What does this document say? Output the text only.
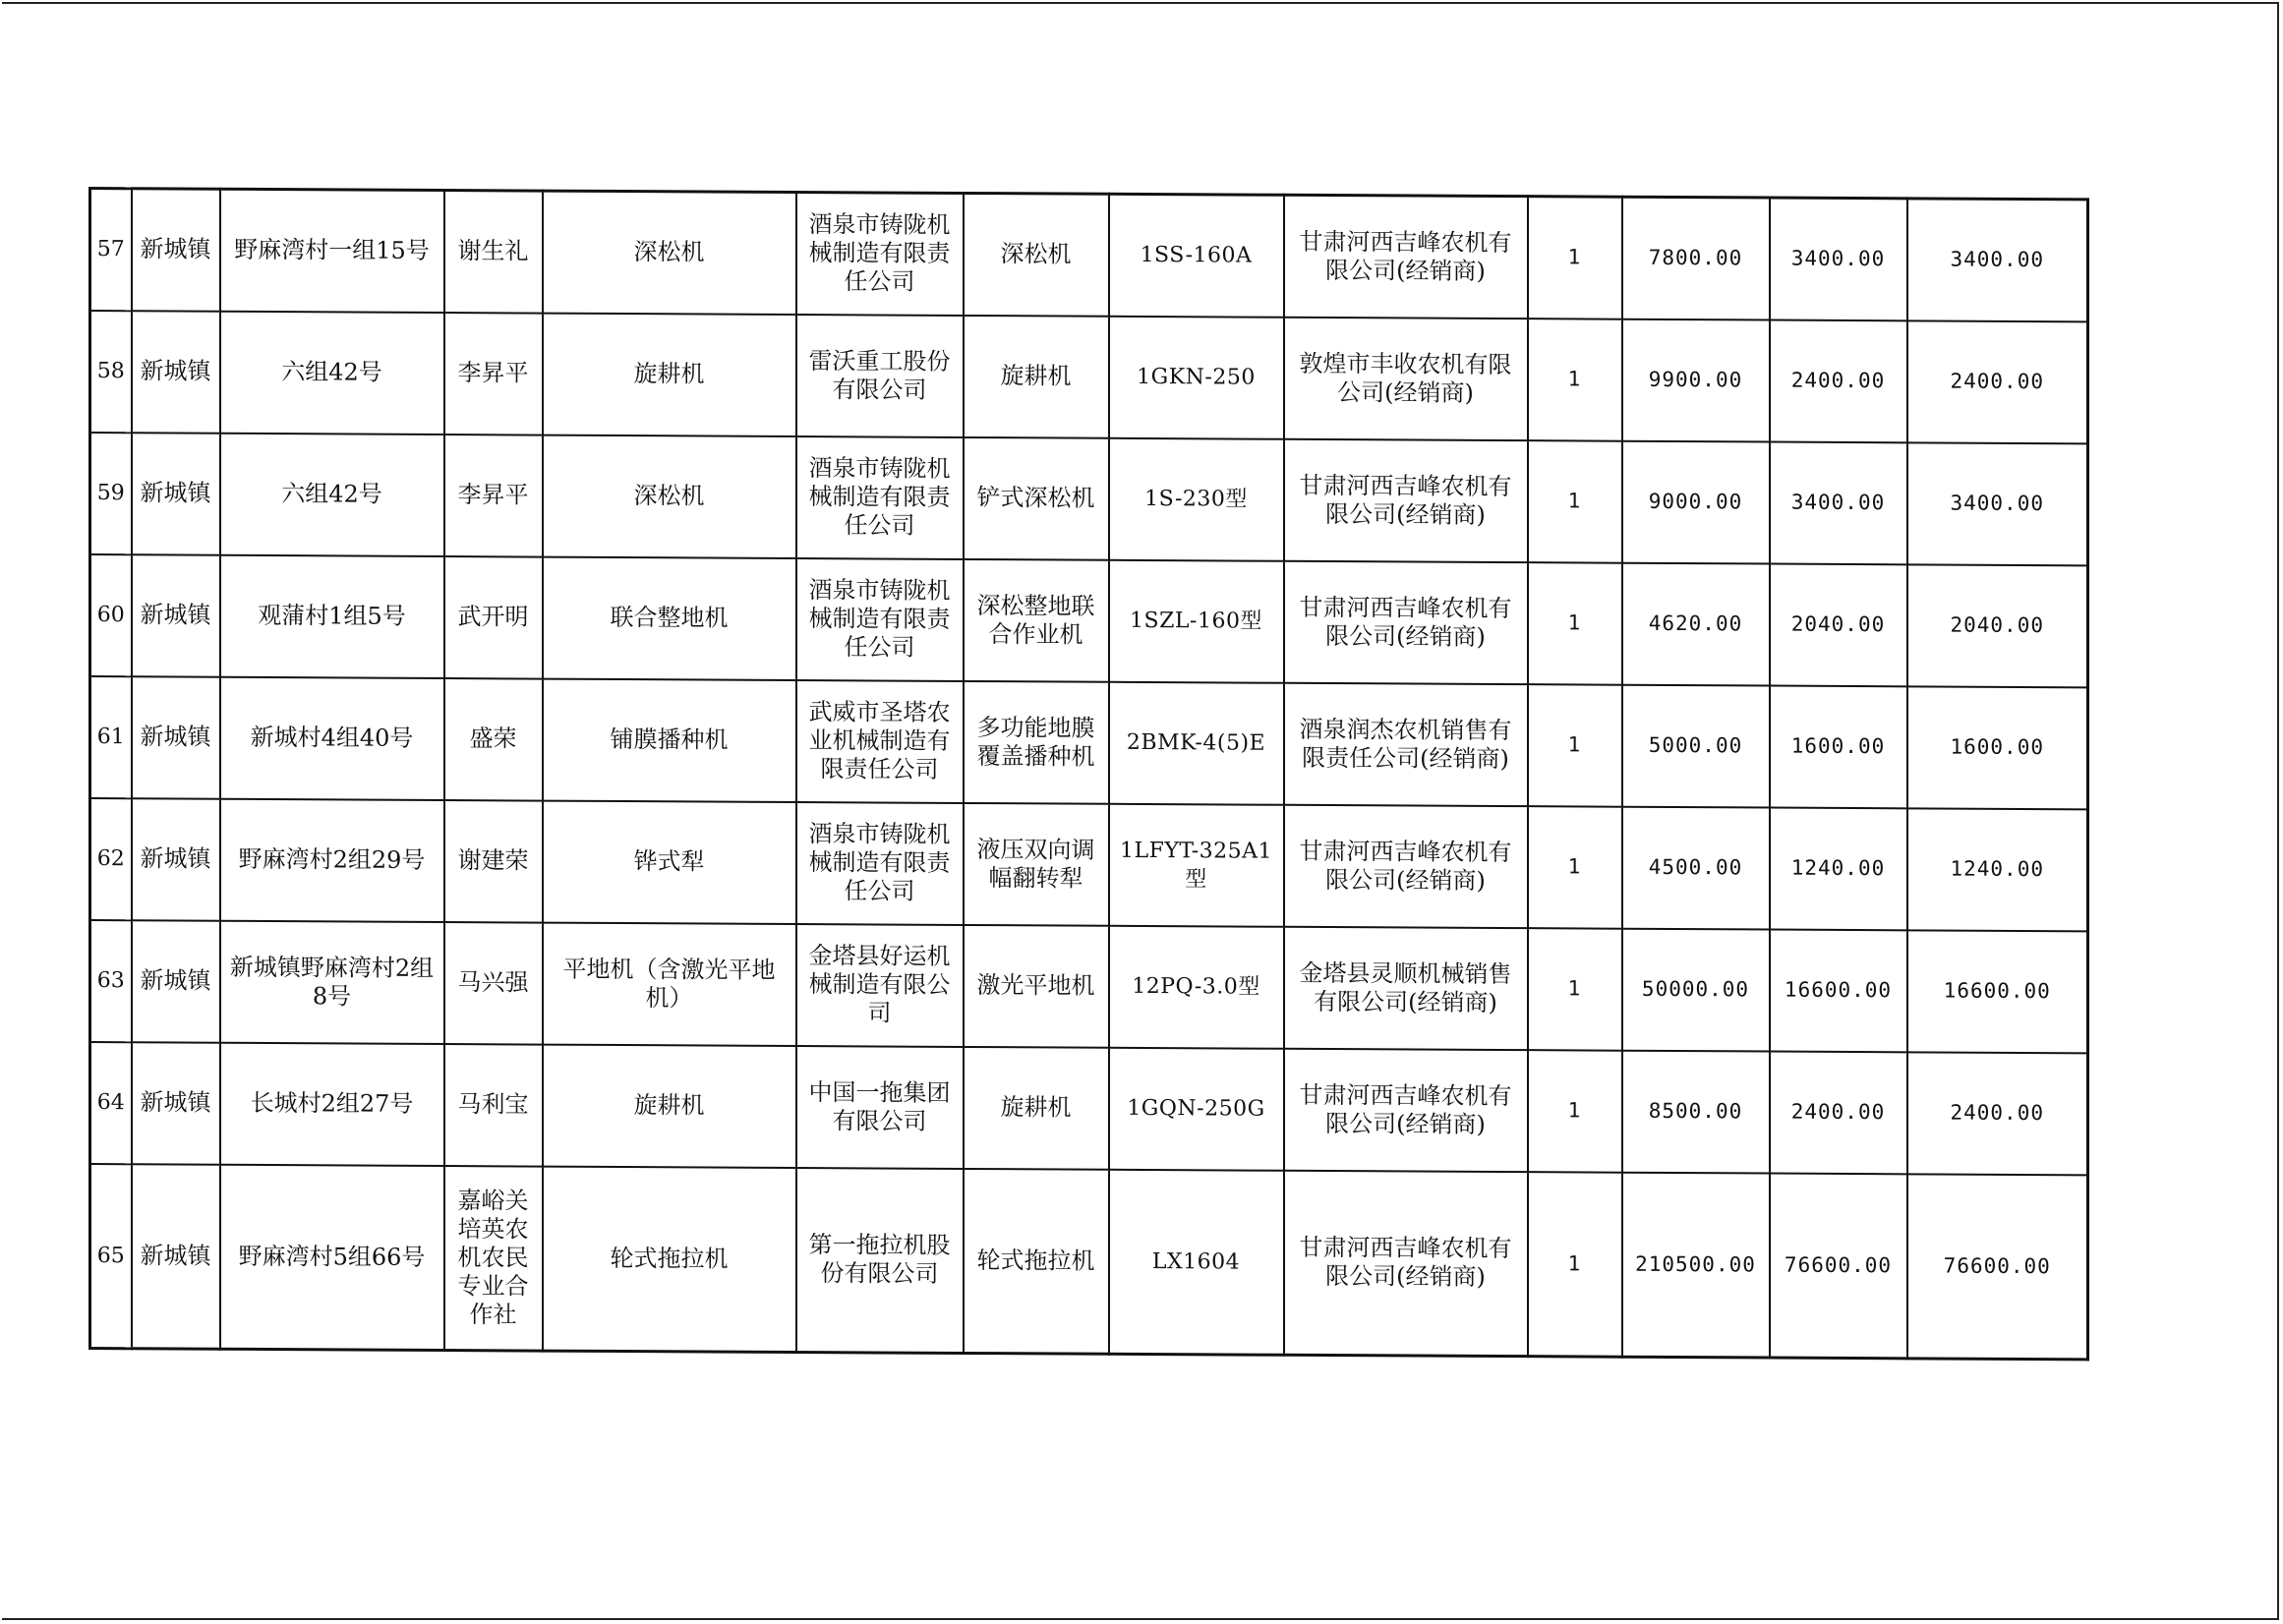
57	新城镇	野麻湾村一组15号	谢生礼	深松机	酒泉市铸陇机械制造有限责任公司	深松机	1SS-160A	甘肃河西吉峰农机有限公司(经销商)	1	7800.00	3400.00	3400.00
58	新城镇	六组42号	李昇平	旋耕机	雷沃重工股份有限公司	旋耕机	1GKN-250	敦煌市丰收农机有限公司(经销商)	1	9900.00	2400.00	2400.00
59	新城镇	六组42号	李昇平	深松机	酒泉市铸陇机械制造有限责任公司	铲式深松机	1S-230型	甘肃河西吉峰农机有限公司(经销商)	1	9000.00	3400.00	3400.00
60	新城镇	观蒲村1组5号	武开明	联合整地机	酒泉市铸陇机械制造有限责任公司	深松整地联合作业机	1SZL-160型	甘肃河西吉峰农机有限公司(经销商)	1	4620.00	2040.00	2040.00
61	新城镇	新城村4组40号	盛荣	铺膜播种机	武威市圣塔农业机械制造有限责任公司	多功能地膜覆盖播种机	2BMK-4(5)E	酒泉润杰农机销售有限责任公司(经销商)	1	5000.00	1600.00	1600.00
62	新城镇	野麻湾村2组29号	谢建荣	铧式犁	酒泉市铸陇机械制造有限责任公司	液压双向调幅翻转犁	1LFYT-325A1型	甘肃河西吉峰农机有限公司(经销商)	1	4500.00	1240.00	1240.00
63	新城镇	新城镇野麻湾村2组8号	马兴强	平地机（含激光平地机）	金塔县好运机械制造有限公司	激光平地机	12PQ-3.0型	金塔县灵顺机械销售有限公司(经销商)	1	50000.00	16600.00	16600.00
64	新城镇	长城村2组27号	马利宝	旋耕机	中国一拖集团有限公司	旋耕机	1GQN-250G	甘肃河西吉峰农机有限公司(经销商)	1	8500.00	2400.00	2400.00
65	新城镇	野麻湾村5组66号	嘉峪关培英农机农民专业合作社	轮式拖拉机	第一拖拉机股份有限公司	轮式拖拉机	LX1604	甘肃河西吉峰农机有限公司(经销商)	1	210500.00	76600.00	76600.00
